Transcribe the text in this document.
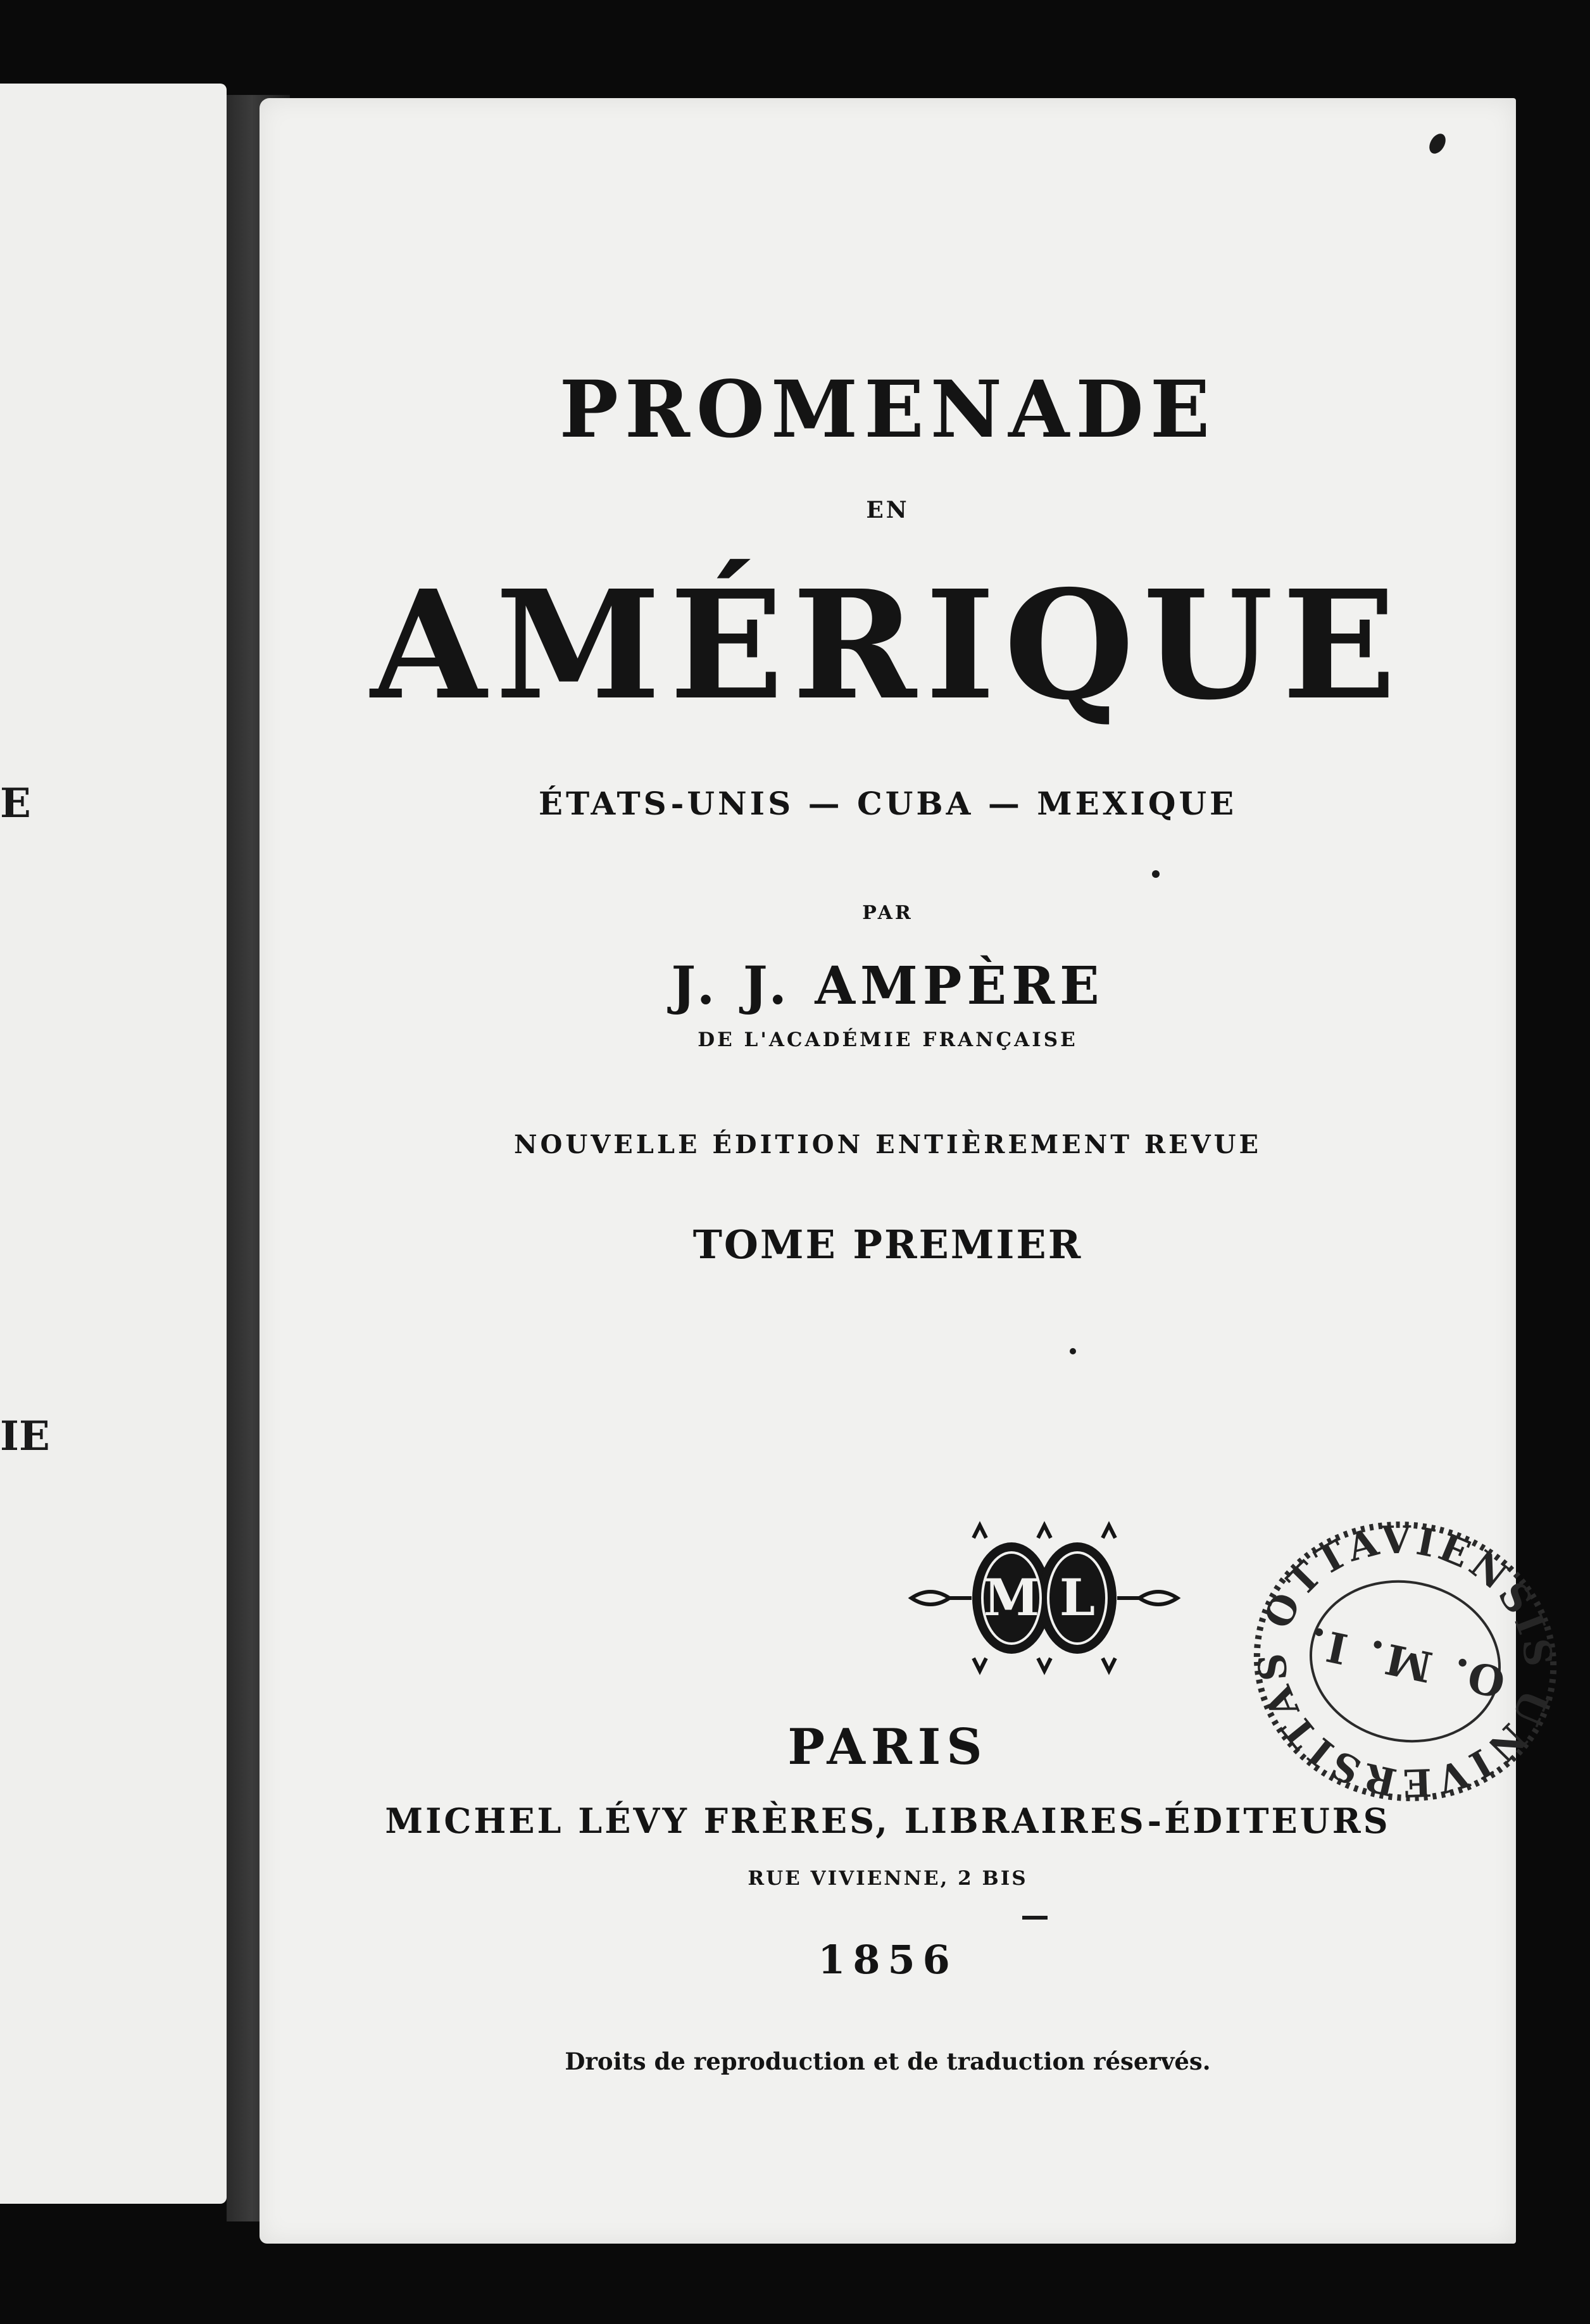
E
IE
PROMENADE
EN
AMÉRIQUE
ÉTATS-UNIS — CUBA — MEXIQUE
PAR
J. J. AMPÈRE
DE L'ACADÉMIE FRANÇAISE
NOUVELLE ÉDITION ENTIÈREMENT REVUE
TOME PREMIER
M L
UNIVERSITAS OTTAVIENSIS
O. M. I.
PARIS
MICHEL LÉVY FRÈRES, LIBRAIRES-ÉDITEURS
RUE VIVIENNE, 2 BIS
1856
Droits de reproduction et de traduction réservés.
